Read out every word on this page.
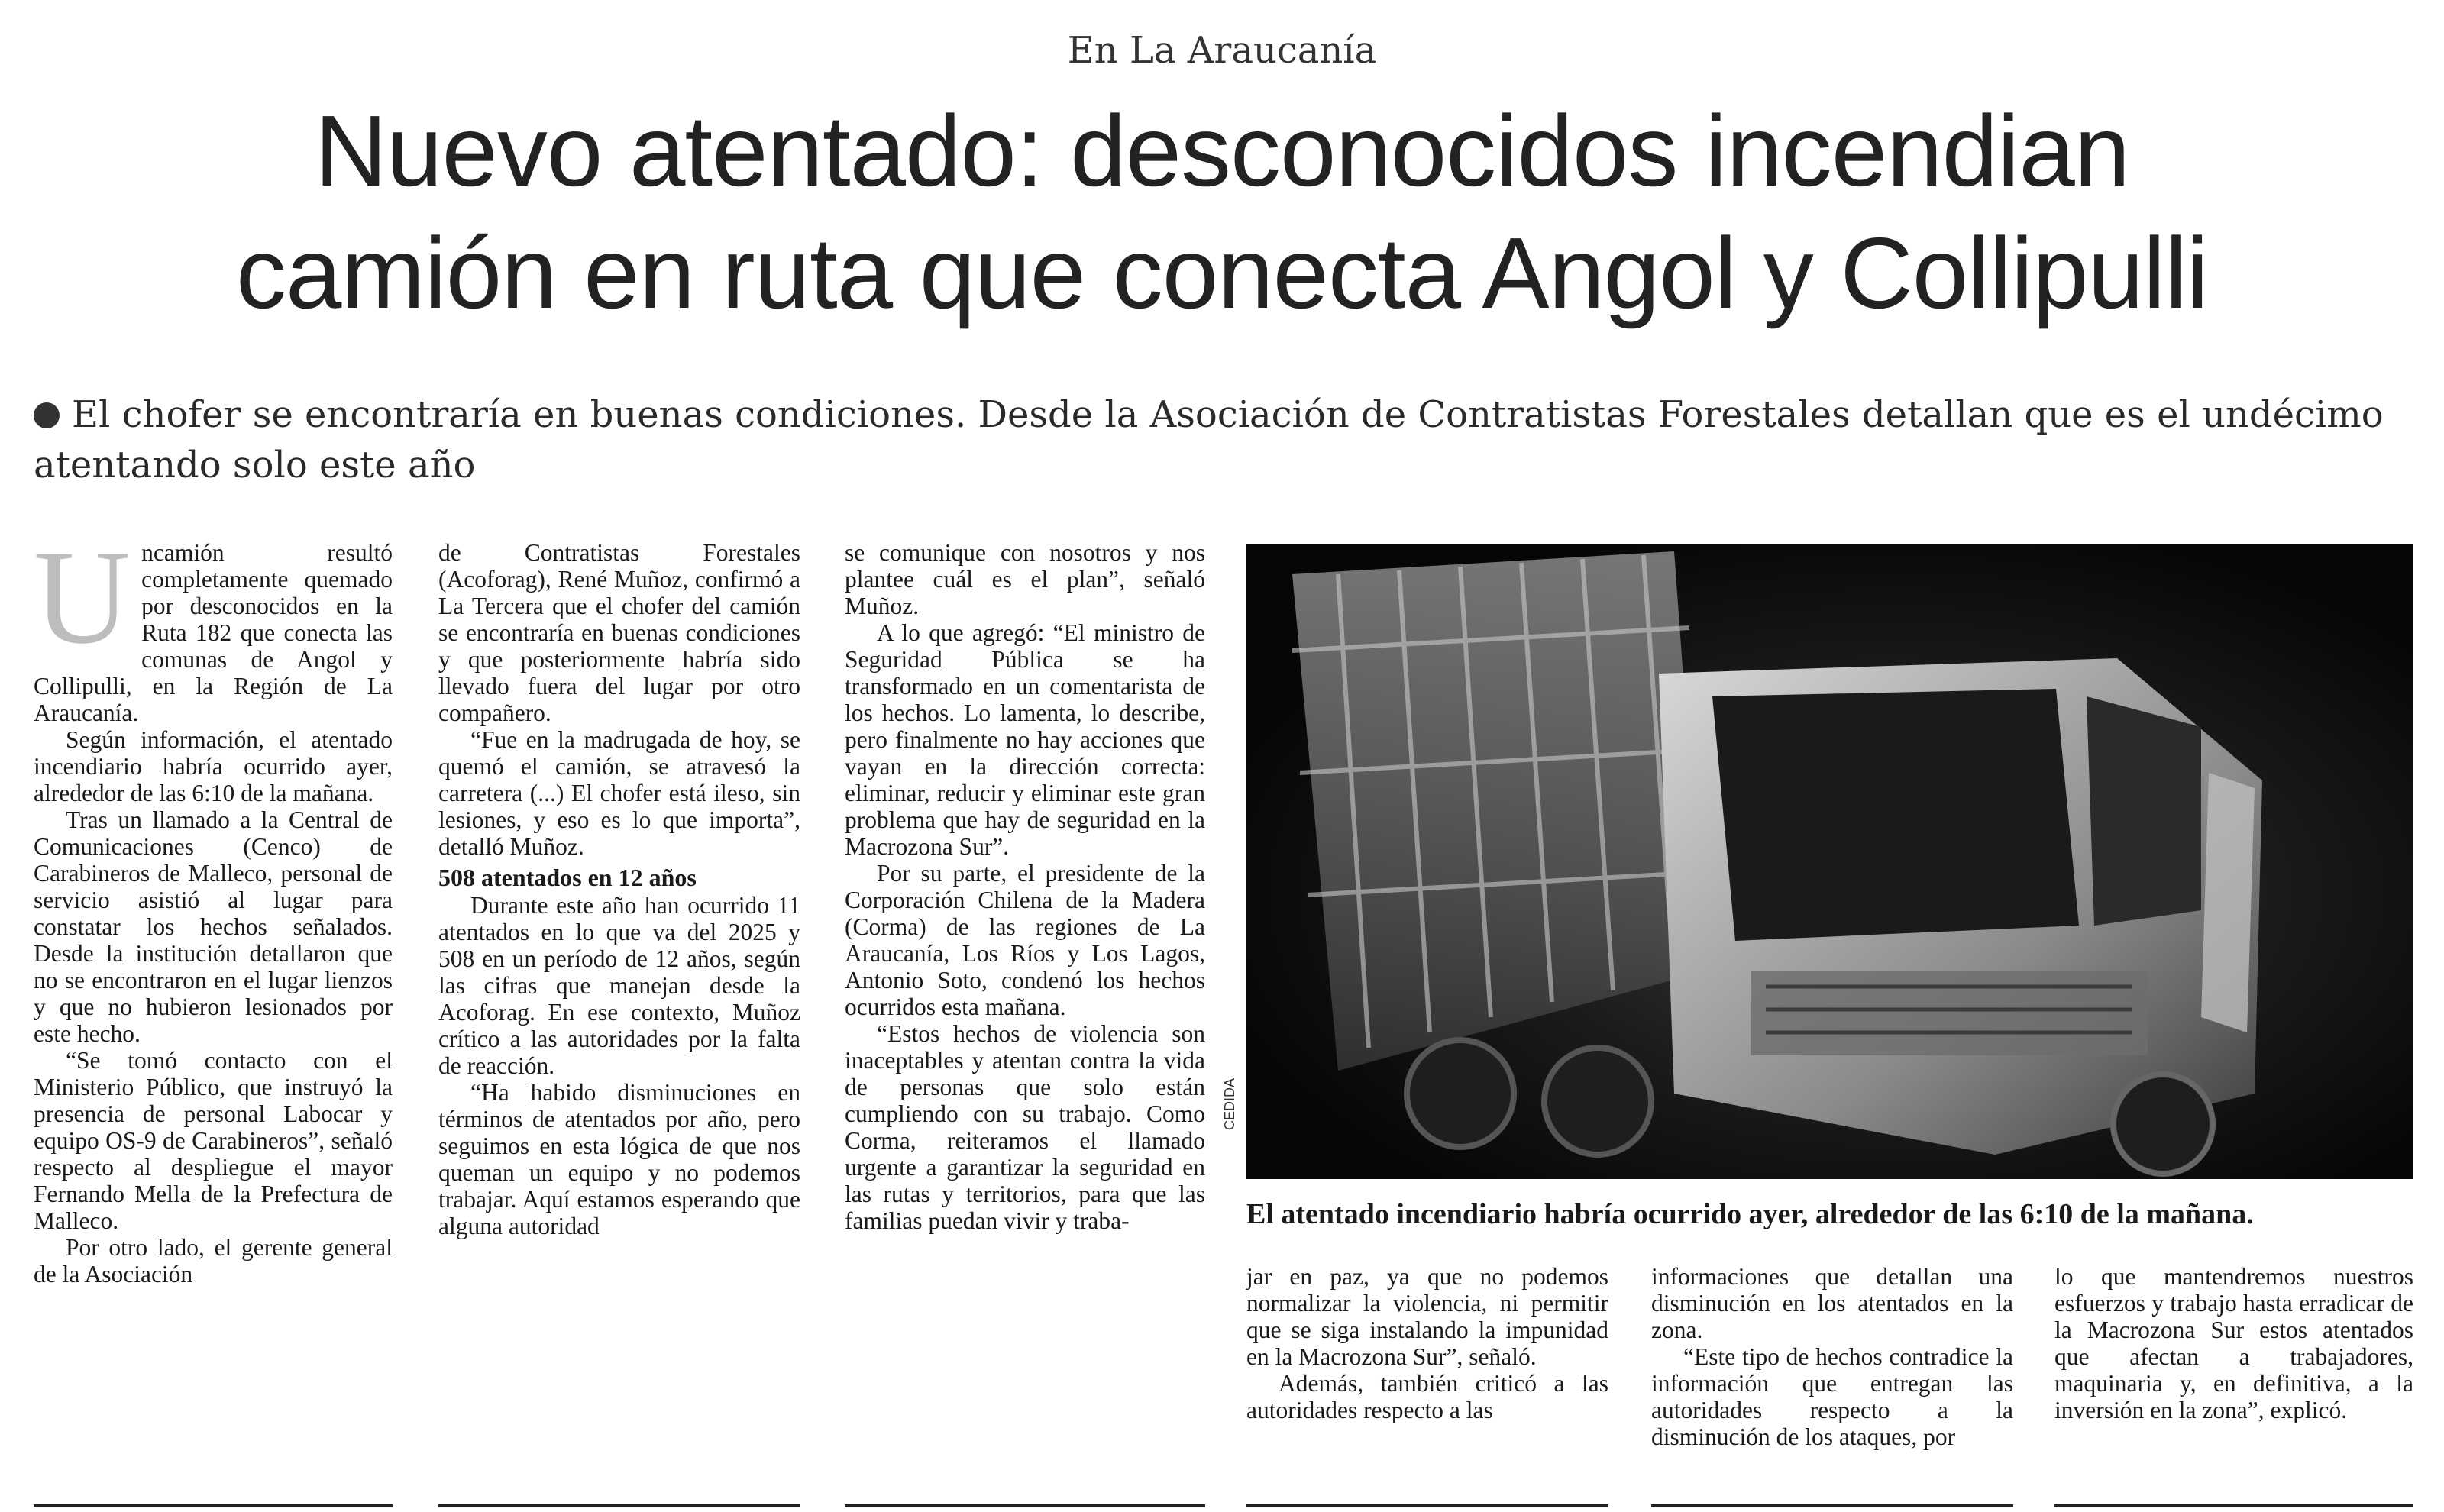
En La Araucanía
Nuevo atentado: desconocidos incendian
camión en ruta que conecta Angol y Collipulli
El chofer se encontraría en buenas condiciones. Desde la Asociación de Contratistas Forestales detallan que es el undécimo atentando solo este año
U ncamión resultó completamente quemado por desconocidos en la Ruta 182 que conecta las comunas de Angol y Collipulli, en la Región de La Araucanía.

Según información, el atentado incendiario habría ocurrido ayer, alrededor de las 6:10 de la mañana.

Tras un llamado a la Central de Comunicaciones (Cenco) de Carabineros de Malleco, personal de servicio asistió al lugar para constatar los hechos señalados. Desde la institución detallaron que no se encontraron en el lugar lienzos y que no hubieron lesionados por este hecho.

“Se tomó contacto con el Ministerio Público, que instruyó la presencia de personal Labocar y equipo OS-9 de Carabineros”, señaló respecto al despliegue el mayor Fernando Mella de la Prefectura de Malleco.

Por otro lado, el gerente general de la Asociación

de Contratistas Forestales (Acoforag), René Muñoz, confirmó a La Tercera que el chofer del camión se encontraría en buenas condiciones y que posteriormente habría sido llevado fuera del lugar por otro compañero.

“Fue en la madrugada de hoy, se quemó el camión, se atravesó la carretera (...) El chofer está ileso, sin lesiones, y eso es lo que importa”, detalló Muñoz.

508 atentados en 12 años

Durante este año han ocurrido 11 atentados en lo que va del 2025 y 508 en un período de 12 años, según las cifras que manejan desde la Acoforag. En ese contexto, Muñoz crítico a las autoridades por la falta de reacción.

“Ha habido disminuciones en términos de atentados por año, pero seguimos en esta lógica de que nos queman un equipo y no podemos trabajar. Aquí estamos esperando que alguna autoridad

se comunique con nosotros y nos plantee cuál es el plan”, señaló Muñoz.

A lo que agregó: “El ministro de Seguridad Pública se ha transformado en un comentarista de los hechos. Lo lamenta, lo describe, pero finalmente no hay acciones que vayan en la dirección correcta: eliminar, reducir y eliminar este gran problema que hay de seguridad en la Macrozona Sur”.

Por su parte, el presidente de la Corporación Chilena de la Madera (Corma) de las regiones de La Araucanía, Los Ríos y Los Lagos, Antonio Soto, condenó los hechos ocurridos esta mañana.

“Estos hechos de violencia son inaceptables y atentan contra la vida de personas que solo están cumpliendo con su trabajo. Como Corma, reiteramos el llamado urgente a garantizar la seguridad en las rutas y territorios, para que las familias puedan vivir y traba-

CEDIDA
El atentado incendiario habría ocurrido ayer, alrededor de las 6:10 de la mañana.

jar en paz, ya que no podemos normalizar la violencia, ni permitir que se siga instalando la impunidad en la Macrozona Sur”, señaló.

Además, también criticó a las autoridades respecto a las

informaciones que detallan una disminución en los atentados en la zona.

“Este tipo de hechos contradice la información que entregan las autoridades respecto a la disminución de los ataques, por

lo que mantendremos nuestros esfuerzos y trabajo hasta erradicar de la Macrozona Sur estos atentados que afectan a trabajadores, maquinaria y, en definitiva, a la inversión en la zona”, explicó.
